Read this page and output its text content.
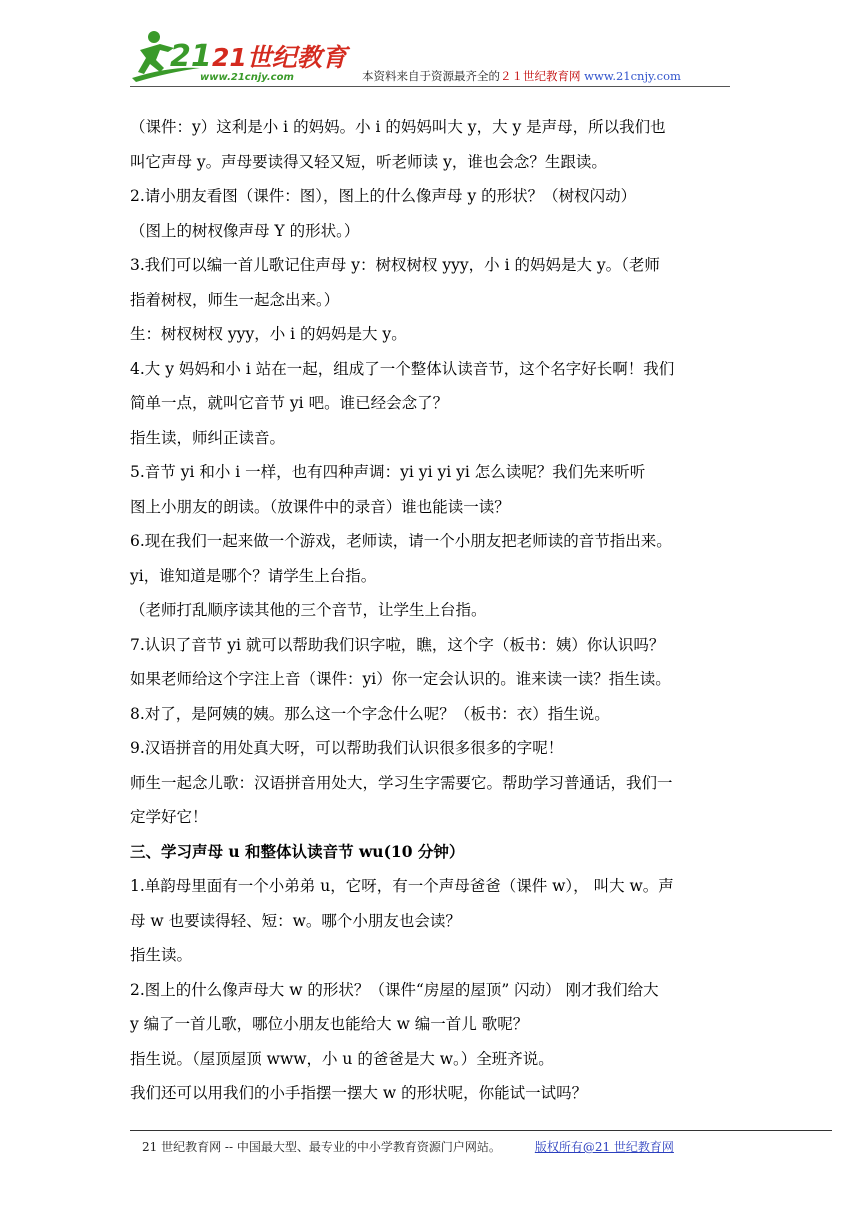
21 21世纪教育
www.21cnjy.com	本资料来自于资源最齐全的２１世纪教育网 www.21cnjy.com

（课件：y）这利是小 i 的妈妈。小 i 的妈妈叫大 y，大 y 是声母，所以我们也

叫它声母 y。声母要读得又轻又短，听老师读 y，谁也会念？生跟读。

2.请小朋友看图（课件：图），图上的什么像声母 y 的形状？（树杈闪动）

（图上的树杈像声母 Y 的形状。）

3.我们可以编一首儿歌记住声母 y：树杈树杈 yyy，小 i 的妈妈是大 y。（老师

指着树杈，师生一起念出来。）

生：树杈树杈 yyy，小 i 的妈妈是大 y。

4.大 y 妈妈和小 i 站在一起，组成了一个整体认读音节，这个名字好长啊！我们

简单一点，就叫它音节 yi 吧。谁已经会念了？

指生读，师纠正读音。

5.音节 yi 和小 i 一样，也有四种声调：yi yi yi yi 怎么读呢？我们先来听听

图上小朋友的朗读。（放课件中的录音）谁也能读一读？

6.现在我们一起来做一个游戏，老师读，请一个小朋友把老师读的音节指出来。

yi，谁知道是哪个？请学生上台指。

（老师打乱顺序读其他的三个音节，让学生上台指。

7.认识了音节 yi 就可以帮助我们识字啦，瞧，这个字（板书：姨）你认识吗？

如果老师给这个字注上音（课件：yi）你一定会认识的。谁来读一读？指生读。

8.对了，是阿姨的姨。那么这一个字念什么呢？（板书：衣）指生说。

9.汉语拼音的用处真大呀，可以帮助我们认识很多很多的字呢！

师生一起念儿歌：汉语拼音用处大，学习生字需要它。帮助学习普通话，我们一

定学好它！

三、学习声母 u 和整体认读音节 wu(10 分钟）

1.单韵母里面有一个小弟弟 u，它呀，有一个声母爸爸（课件 w）， 叫大 w。声

母 w 也要读得轻、短：w。哪个小朋友也会读？

指生读。

2.图上的什么像声母大 w 的形状？（课件“房屋的屋顶” 闪动） 刚才我们给大

y 编了一首儿歌，哪位小朋友也能给大 w 编一首儿 歌呢？

指生说。（屋顶屋顶 www，小 u 的爸爸是大 w。）全班齐说。

我们还可以用我们的小手指摆一摆大 w 的形状呢，你能试一试吗？

21 世纪教育网 -- 中国最大型、最专业的中小学教育资源门户网站。	版权所有@21 世纪教育网
